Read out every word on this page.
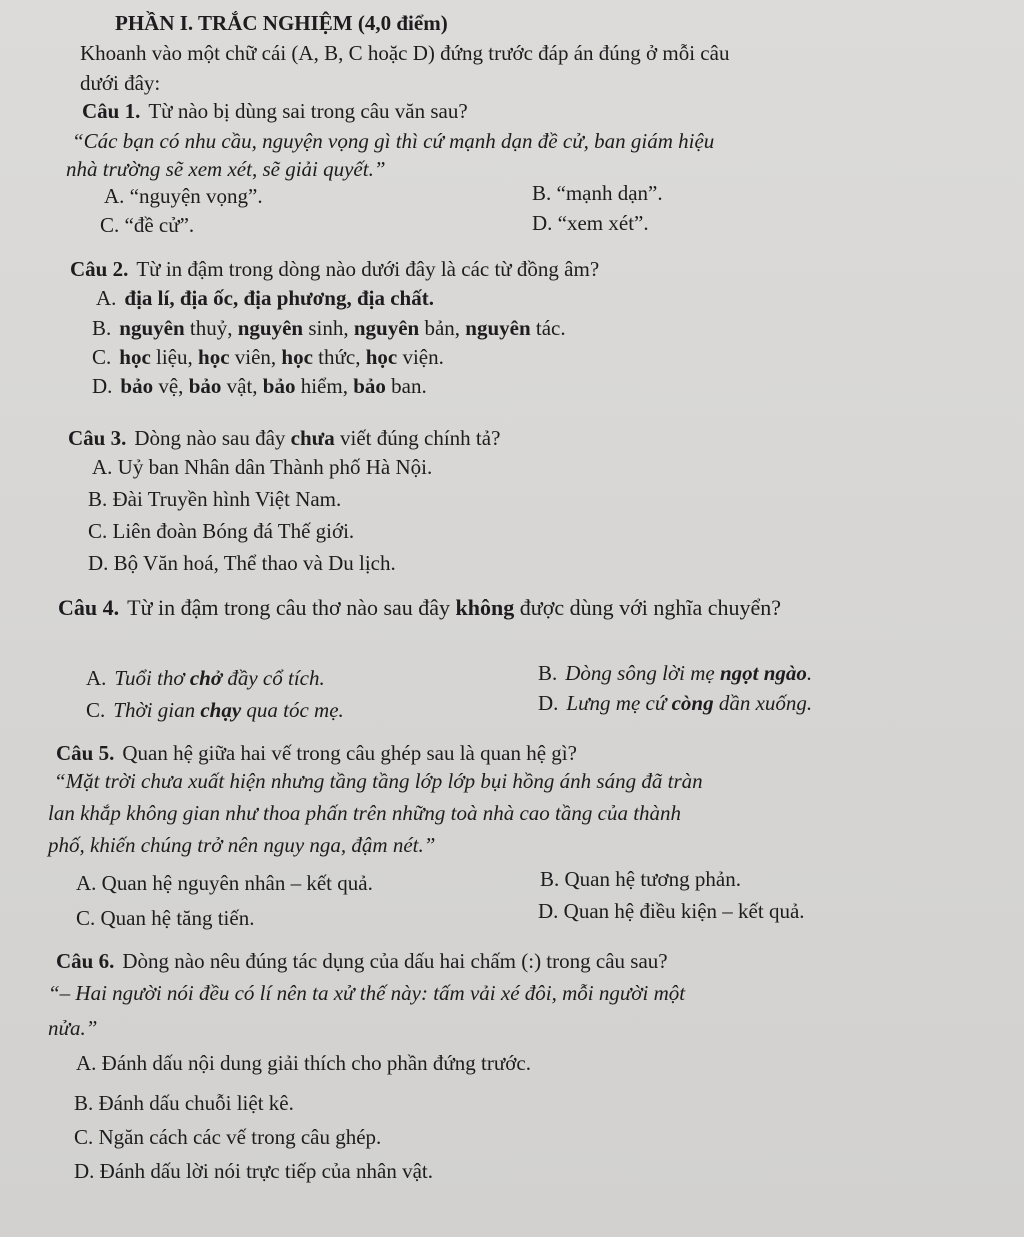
PHẦN I. TRẮC NGHIỆM (4,0 điểm)
Khoanh vào một chữ cái (A, B, C hoặc D) đứng trước đáp án đúng ở mỗi câu
dưới đây:
Câu 1. Từ nào bị dùng sai trong câu văn sau?
“Các bạn có nhu cầu, nguyện vọng gì thì cứ mạnh dạn đề cử, ban giám hiệu
nhà trường sẽ xem xét, sẽ giải quyết.”
A. “nguyện vọng”.	B. “mạnh dạn”.
C. “đề cử”.	D. “xem xét”.
Câu 2. Từ in đậm trong dòng nào dưới đây là các từ đồng âm?
A. địa lí, địa ốc, địa phương, địa chất.
B. nguyên thuỷ, nguyên sinh, nguyên bản, nguyên tác.
C. học liệu, học viên, học thức, học viện.
D. bảo vệ, bảo vật, bảo hiểm, bảo ban.
Câu 3. Dòng nào sau đây chưa viết đúng chính tả?
A. Uỷ ban Nhân dân Thành phố Hà Nội.
B. Đài Truyền hình Việt Nam.
C. Liên đoàn Bóng đá Thế giới.
D. Bộ Văn hoá, Thể thao và Du lịch.
Câu 4. Từ in đậm trong câu thơ nào sau đây không được dùng với nghĩa chuyển?
A. Tuổi thơ chở đầy cổ tích.	B. Dòng sông lời mẹ ngọt ngào.
C. Thời gian chạy qua tóc mẹ.	D. Lưng mẹ cứ còng dần xuống.
Câu 5. Quan hệ giữa hai vế trong câu ghép sau là quan hệ gì?
“Mặt trời chưa xuất hiện nhưng tầng tầng lớp lớp bụi hồng ánh sáng đã tràn
lan khắp không gian như thoa phấn trên những toà nhà cao tầng của thành
phố, khiến chúng trở nên nguy nga, đậm nét.”
A. Quan hệ nguyên nhân – kết quả.	B. Quan hệ tương phản.
C. Quan hệ tăng tiến.	D. Quan hệ điều kiện – kết quả.
Câu 6. Dòng nào nêu đúng tác dụng của dấu hai chấm (:) trong câu sau?
“– Hai người nói đều có lí nên ta xử thế này: tấm vải xé đôi, mỗi người một
nửa.”
A. Đánh dấu nội dung giải thích cho phần đứng trước.
B. Đánh dấu chuỗi liệt kê.
C. Ngăn cách các vế trong câu ghép.
D. Đánh dấu lời nói trực tiếp của nhân vật.
